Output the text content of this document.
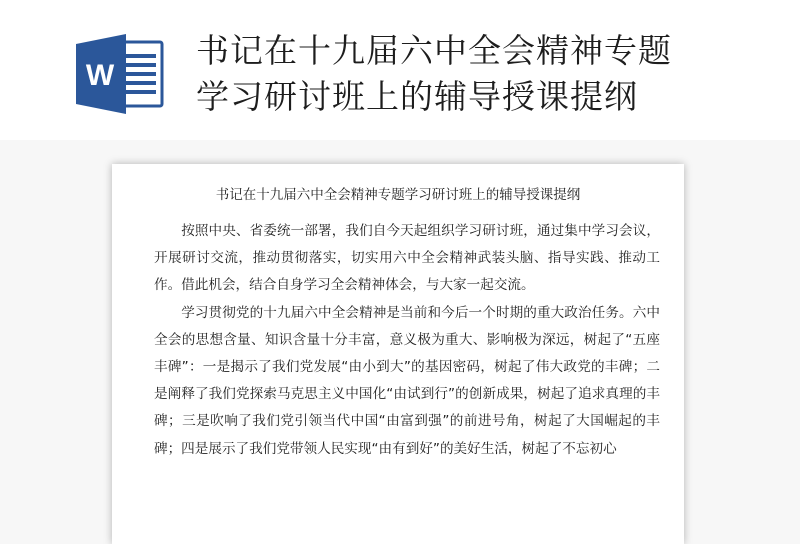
W
书记在十九届六中全会精神专题
学习研讨班上的辅导授课提纲
书记在十九届六中全会精神专题学习研讨班上的辅导授课提纲

按照中央、省委统一部署，我们自今天起组织学习研讨班，通过集中学习会议，开展研讨交流，推动贯彻落实，切实用六中全会精神武装头脑、指导实践、推动工作。借此机会，结合自身学习全会精神体会，与大家一起交流。

学习贯彻党的十九届六中全会精神是当前和今后一个时期的重大政治任务。六中全会的思想含量、知识含量十分丰富，意义极为重大、影响极为深远，树起了“五座丰碑”：一是揭示了我们党发展“由小到大”的基因密码，树起了伟大政党的丰碑；二是阐释了我们党探索马克思主义中国化“由试到行”的创新成果，树起了追求真理的丰碑；三是吹响了我们党引领当代中国“由富到强”的前进号角，树起了大国崛起的丰碑；四是展示了我们党带领人民实现“由有到好”的美好生活，树起了不忘初心
